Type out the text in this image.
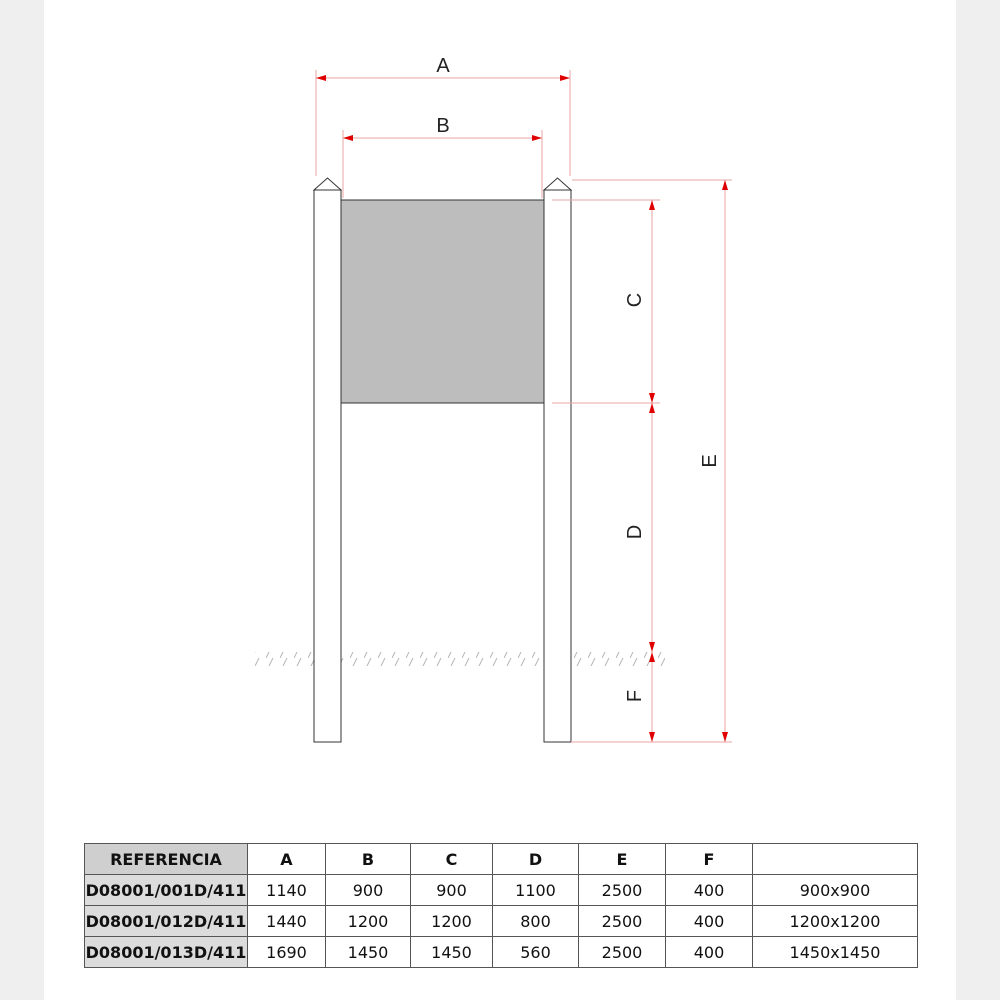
A
B
C
D
E
F
REFERENCIA	A	B	C	D	E	F	
D08001/001D/411	1140	900	900	1100	2500	400	900x900
D08001/012D/411	1440	1200	1200	800	2500	400	1200x1200
D08001/013D/411	1690	1450	1450	560	2500	400	1450x1450
